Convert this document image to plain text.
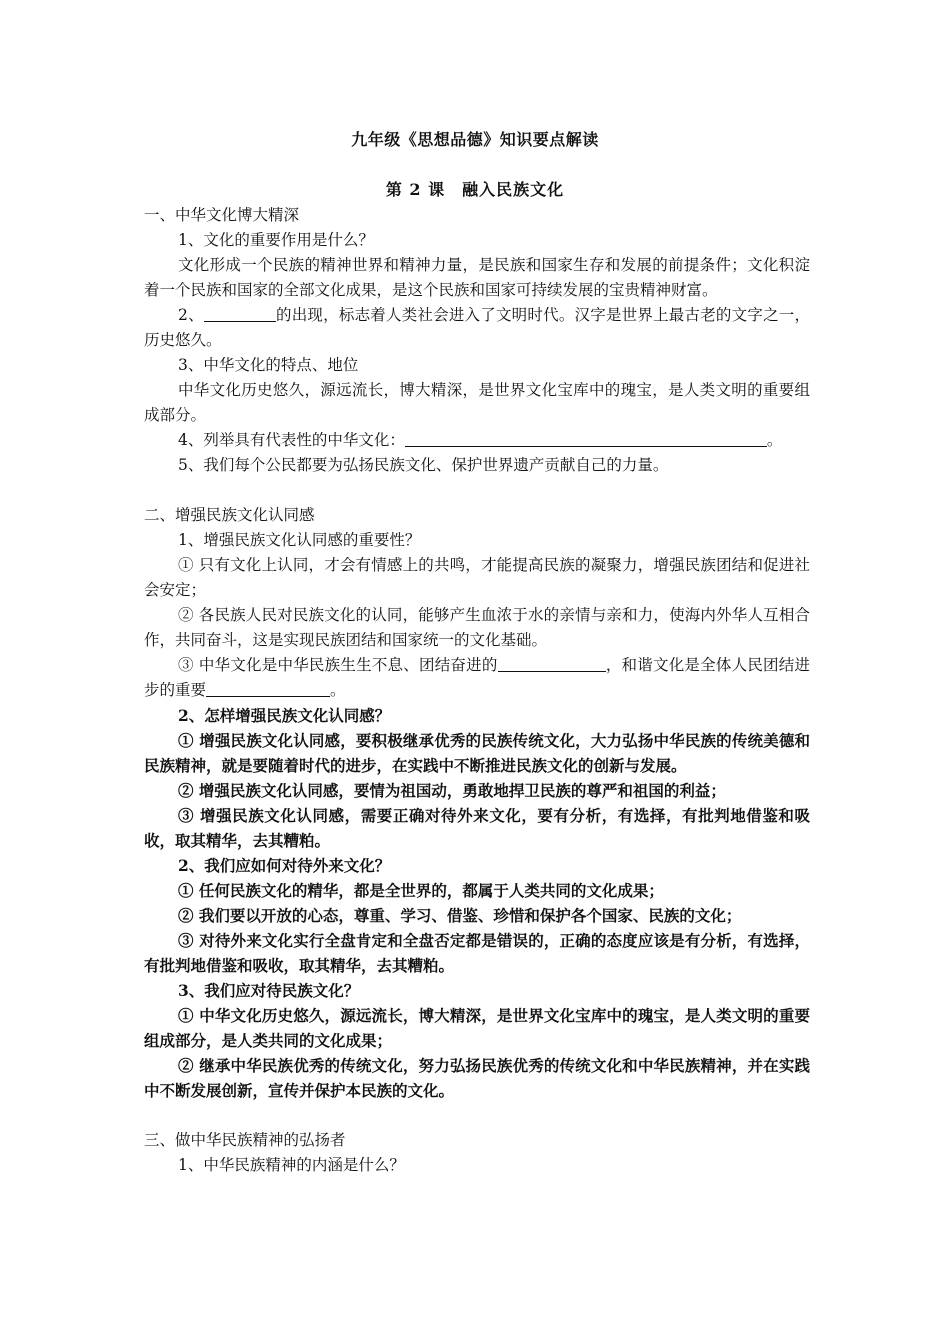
九年级《思想品德》知识要点解读
第 2 课　融入民族文化

一、中华文化博大精深

1、文化的重要作用是什么？

文化形成一个民族的精神世界和精神力量，是民族和国家生存和发展的前提条件；文化积淀着一个民族和国家的全部文化成果，是这个民族和国家可持续发展的宝贵精神财富。

2、	的出现，标志着人类社会进入了文明时代。汉字是世界上最古老的文字之一，历史悠久。

3、中华文化的特点、地位

中华文化历史悠久，源远流长，博大精深，是世界文化宝库中的瑰宝，是人类文明的重要组成部分。

4、列举具有代表性的中华文化：	。

5、我们每个公民都要为弘扬民族文化、保护世界遗产贡献自己的力量。

二、增强民族文化认同感

1、增强民族文化认同感的重要性？

① 只有文化上认同，才会有情感上的共鸣，才能提高民族的凝聚力，增强民族团结和促进社会安定；

② 各民族人民对民族文化的认同，能够产生血浓于水的亲情与亲和力，使海内外华人互相合作，共同奋斗，这是实现民族团结和国家统一的文化基础。

③ 中华文化是中华民族生生不息、团结奋进的	，和谐文化是全体人民团结进步的重要	。

2、怎样增强民族文化认同感？

① 增强民族文化认同感，要积极继承优秀的民族传统文化，大力弘扬中华民族的传统美德和民族精神，就是要随着时代的进步，在实践中不断推进民族文化的创新与发展。

② 增强民族文化认同感，要情为祖国动，勇敢地捍卫民族的尊严和祖国的利益；

③ 增强民族文化认同感，需要正确对待外来文化，要有分析，有选择，有批判地借鉴和吸收，取其精华，去其糟粕。

2、我们应如何对待外来文化？

① 任何民族文化的精华，都是全世界的，都属于人类共同的文化成果；

② 我们要以开放的心态，尊重、学习、借鉴、珍惜和保护各个国家、民族的文化；

③ 对待外来文化实行全盘肯定和全盘否定都是错误的，正确的态度应该是有分析，有选择，有批判地借鉴和吸收，取其精华，去其糟粕。

3、我们应对待民族文化？

① 中华文化历史悠久，源远流长，博大精深，是世界文化宝库中的瑰宝，是人类文明的重要组成部分，是人类共同的文化成果；

② 继承中华民族优秀的传统文化，努力弘扬民族优秀的传统文化和中华民族精神，并在实践中不断发展创新，宣传并保护本民族的文化。

三、做中华民族精神的弘扬者

1、中华民族精神的内涵是什么？
